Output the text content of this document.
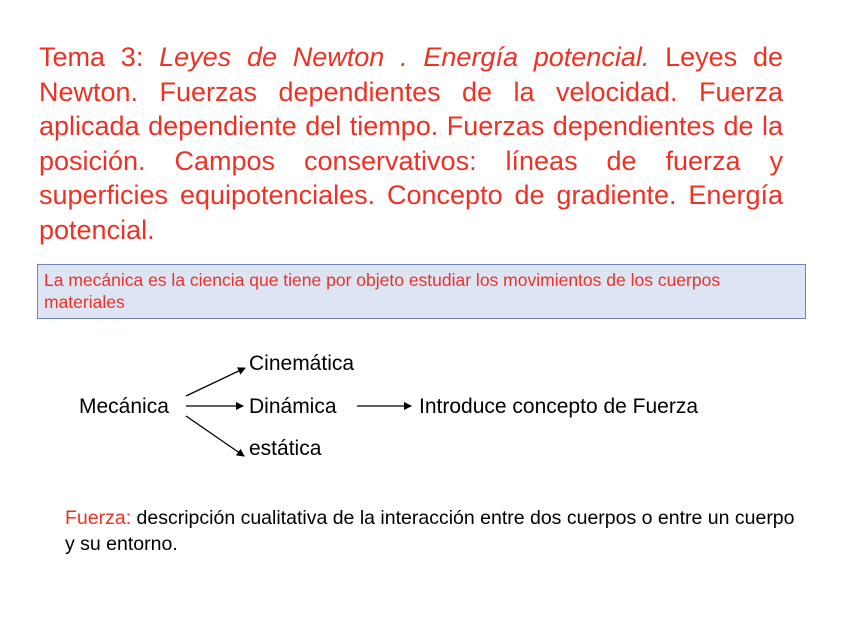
Tema 3: Leyes de Newton . Energía potencial. Leyes de Newton. Fuerzas dependientes de la velocidad. Fuerza aplicada dependiente del tiempo. Fuerzas dependientes de la posición. Campos conservativos: líneas de fuerza y superficies equipotenciales. Concepto de gradiente. Energía potencial.

La mecánica es la ciencia que tiene por objeto estudiar los movimientos de los cuerpos materiales
Mecánica
Cinemática
Dinámica
estática
Introduce concepto de Fuerza
Fuerza: descripción cualitativa de la interacción entre dos cuerpos o entre un cuerpo y su entorno.
